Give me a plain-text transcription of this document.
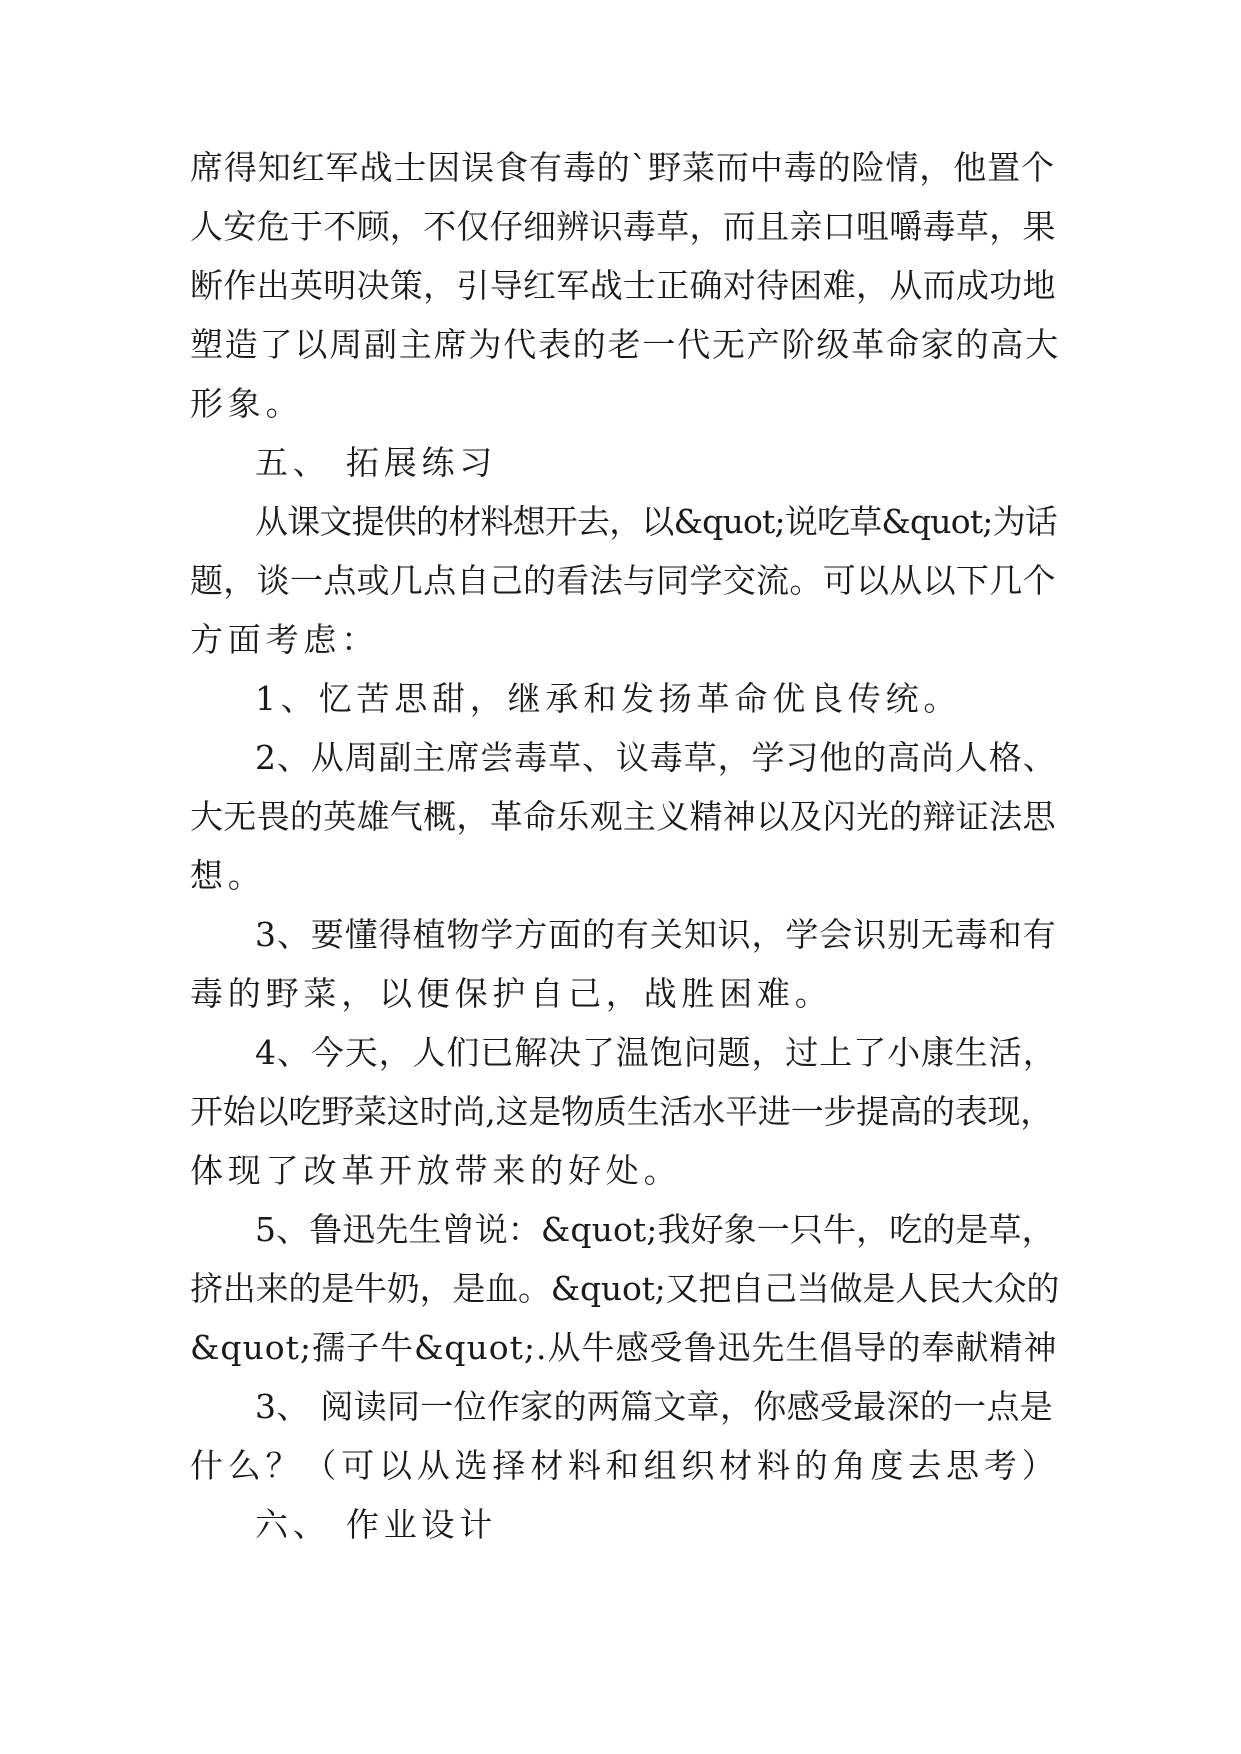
席得知红军战士因误食有毒的`野菜而中毒的险情，他置个
人安危于不顾，不仅仔细辨识毒草，而且亲口咀嚼毒草，果
断作出英明决策，引导红军战士正确对待困难，从而成功地
塑造了以周副主席为代表的老一代无产阶级革命家的高大
形象。
五、 拓展练习
从课文提供的材料想开去，以&quot;说吃草&quot;为话
题，谈一点或几点自己的看法与同学交流。可以从以下几个
方面考虑：
1、忆苦思甜，继承和发扬革命优良传统。
2、从周副主席尝毒草、议毒草，学习他的高尚人格、
大无畏的英雄气概，革命乐观主义精神以及闪光的辩证法思
想。
3、要懂得植物学方面的有关知识，学会识别无毒和有
毒的野菜，以便保护自己，战胜困难。
4、今天，人们已解决了温饱问题，过上了小康生活，
开始以吃野菜这时尚,这是物质生活水平进一步提高的表现，
体现了改革开放带来的好处。
5、鲁迅先生曾说：&quot;我好象一只牛，吃的是草，
挤出来的是牛奶，是血。&quot;又把自己当做是人民大众的
&quot;孺子牛&quot;.从牛感受鲁迅先生倡导的奉献精神
3、 阅读同一位作家的两篇文章，你感受最深的一点是
什么？（可以从选择材料和组织材料的角度去思考）
六、 作业设计
